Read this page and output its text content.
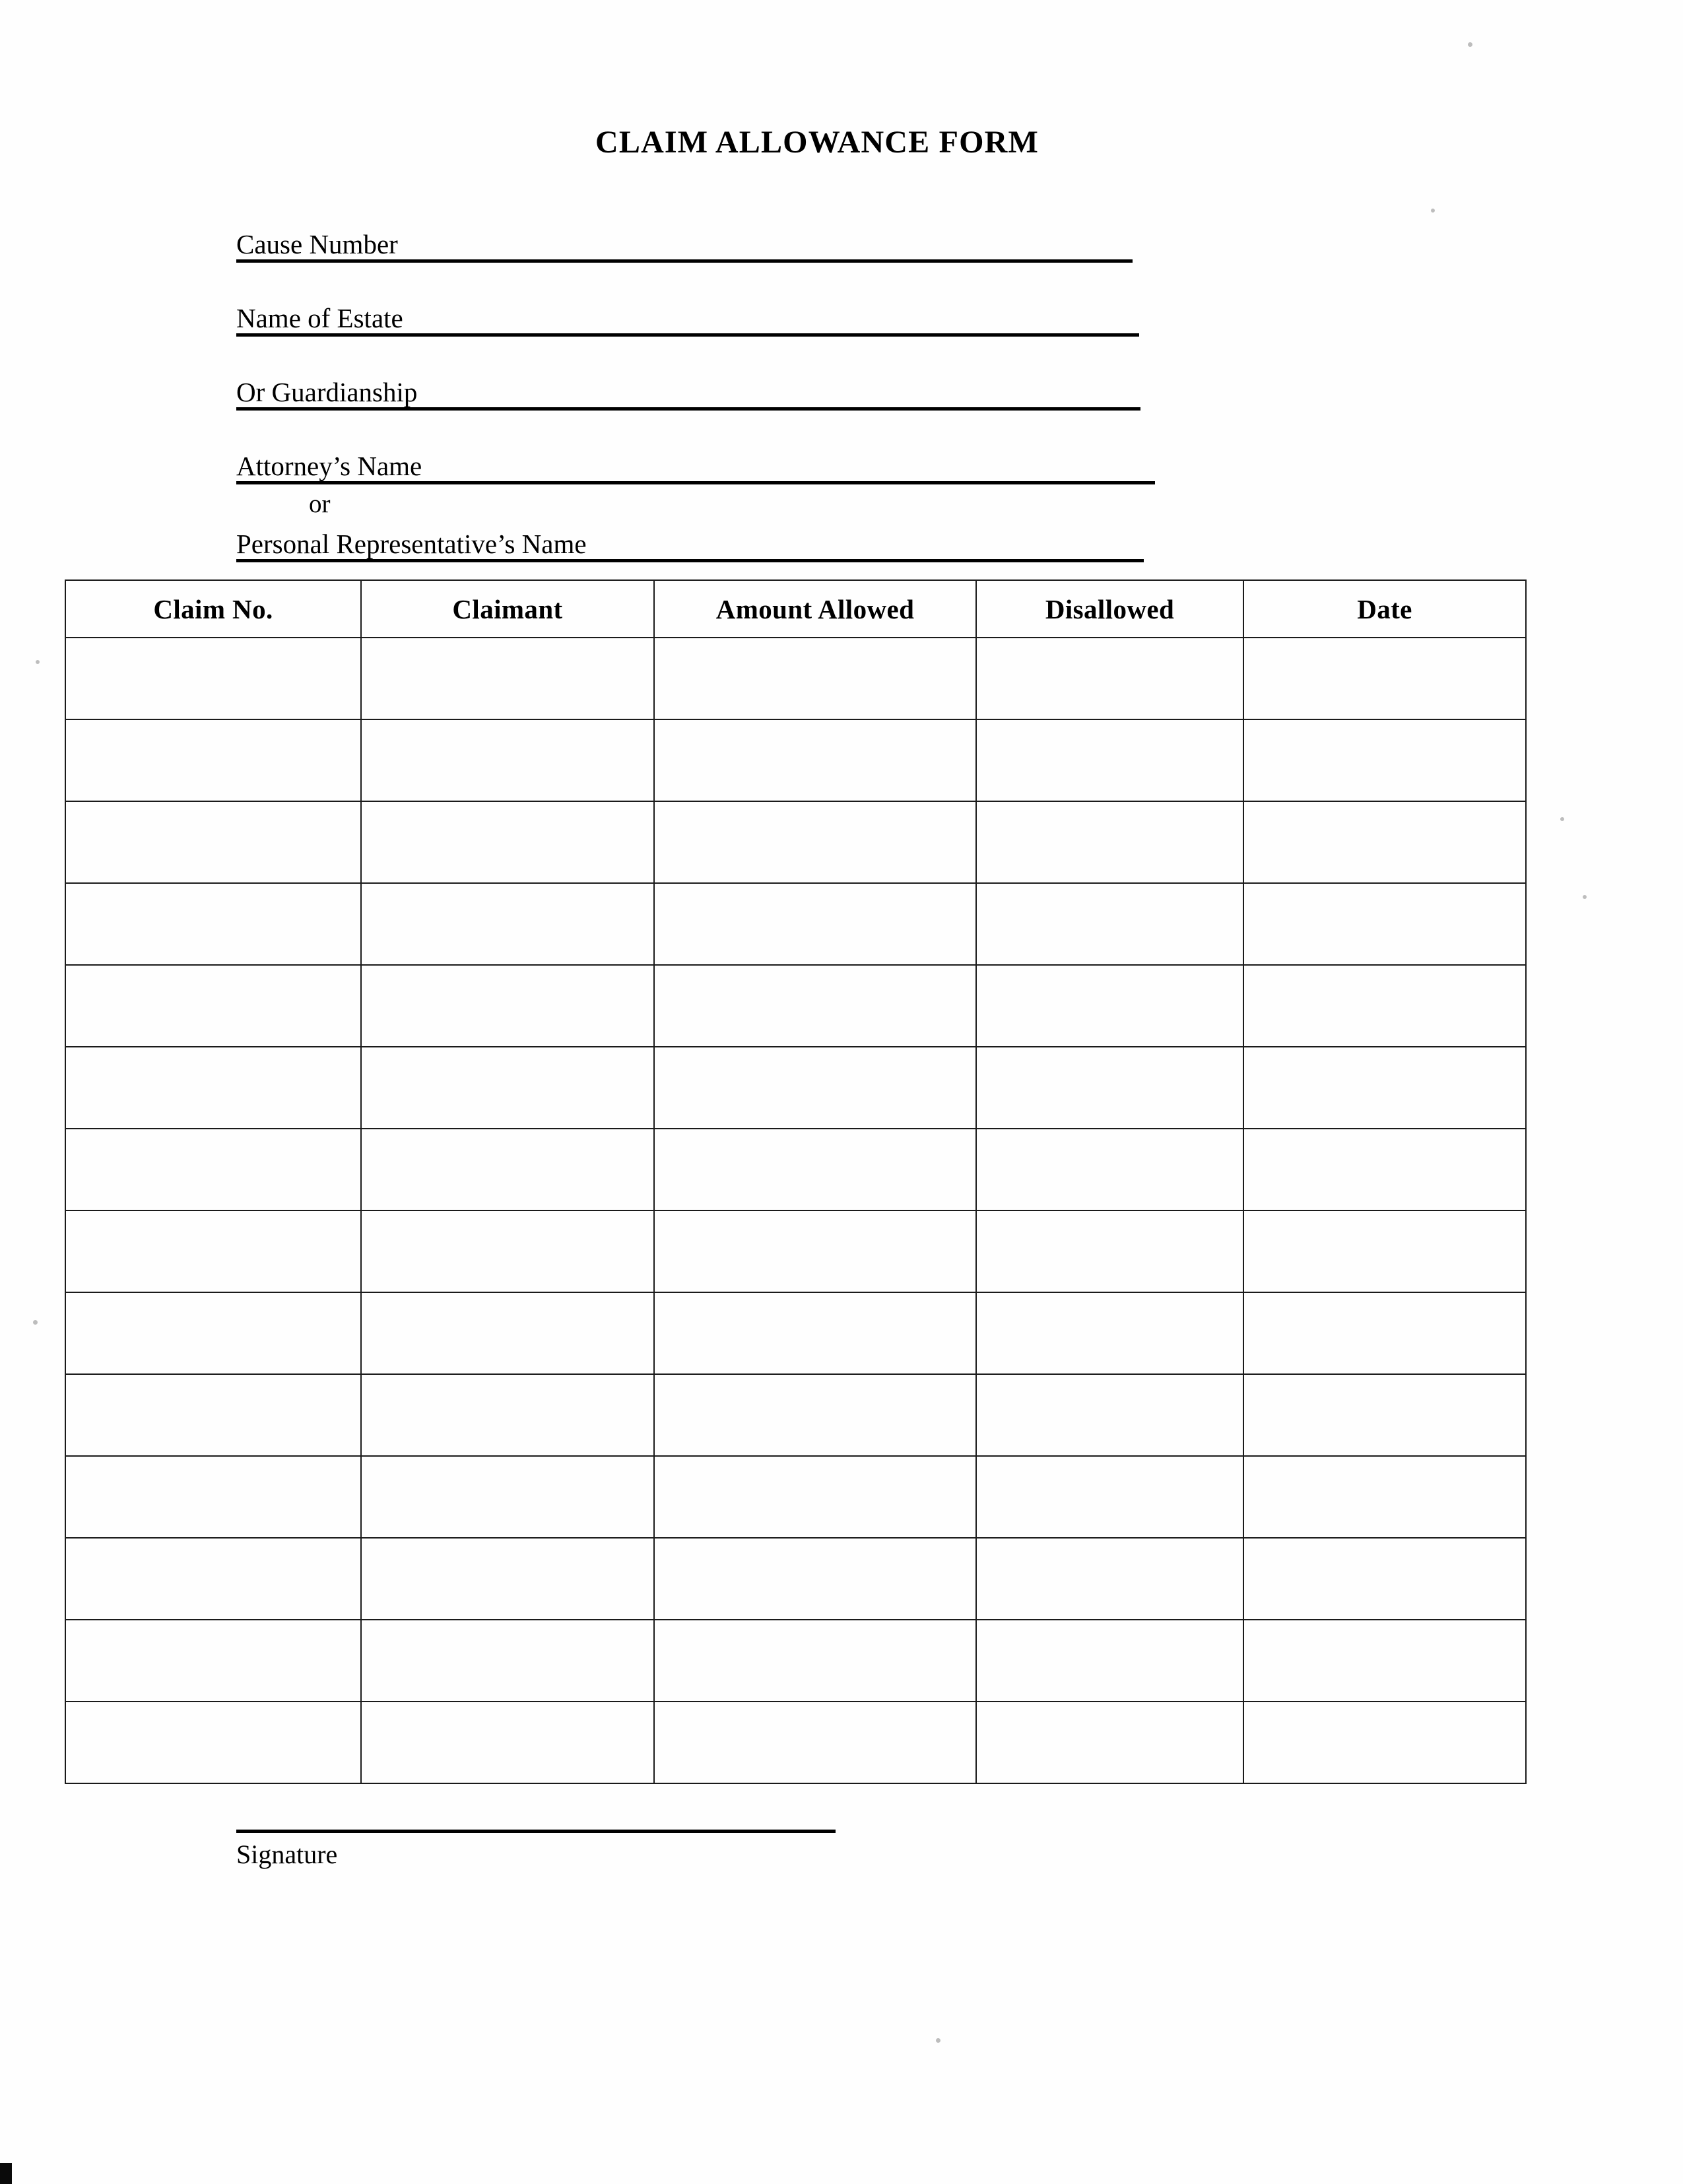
CLAIM ALLOWANCE FORM
Cause Number
Name of Estate
Or Guardianship
Attorney’s Name
or
Personal Representative’s Name
Claim No.	Claimant	Amount Allowed	Disallowed	Date

Signature
